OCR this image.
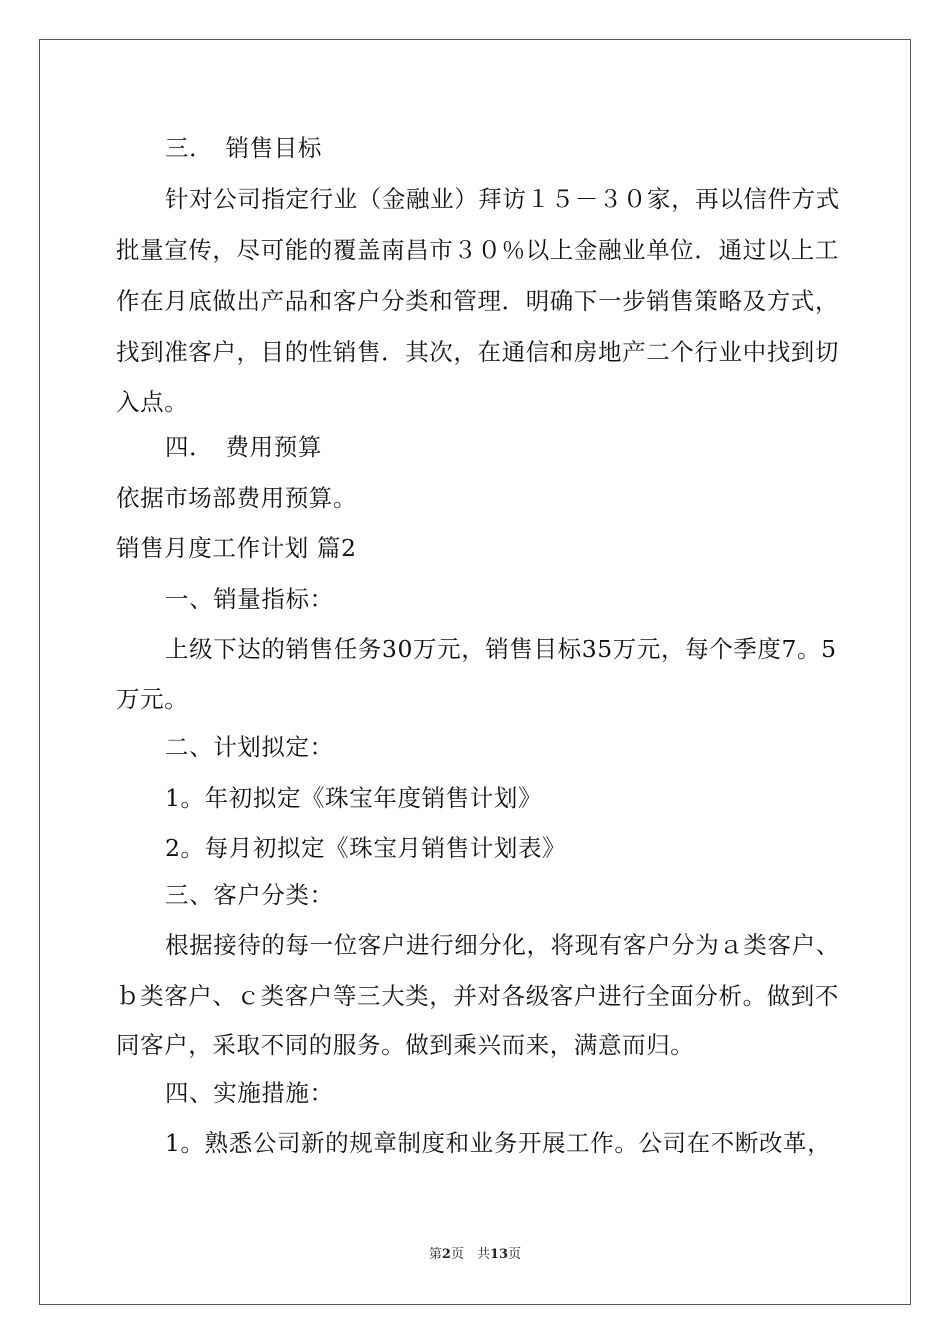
三．　销售目标
针对公司指定行业（金融业）拜访１５－３０家，再以信件方式
批量宣传，尽可能的覆盖南昌市３０％以上金融业单位．通过以上工
作在月底做出产品和客户分类和管理．明确下一步销售策略及方式，
找到准客户，目的性销售．其次，在通信和房地产二个行业中找到切
入点。
四．　费用预算
依据市场部费用预算。
销售月度工作计划 篇2
一、销量指标：
上级下达的销售任务30万元，销售目标35万元，每个季度7。5
万元。
二、计划拟定：
1。年初拟定《珠宝年度销售计划》
2。每月初拟定《珠宝月销售计划表》
三、客户分类：
根据接待的每一位客户进行细分化，将现有客户分为ａ类客户、
ｂ类客户、ｃ类客户等三大类，并对各级客户进行全面分析。做到不
同客户，采取不同的服务。做到乘兴而来，满意而归。
四、实施措施：
1。熟悉公司新的规章制度和业务开展工作。公司在不断改革，
第2页　共13页
